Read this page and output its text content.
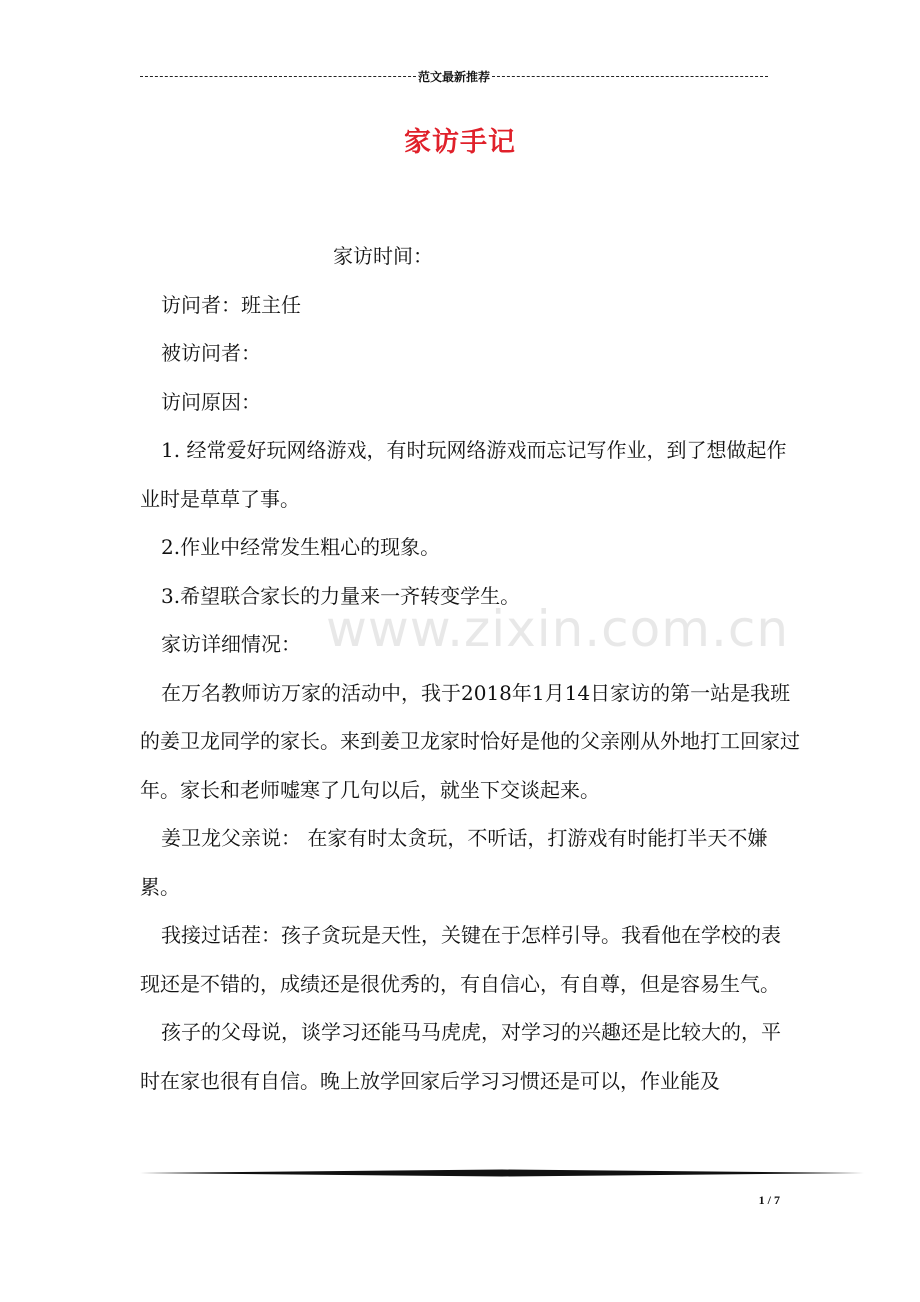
范文最新推荐
家访手记

家访时间：

访问者：班主任

被访问者：

访问原因：

1. 经常爱好玩网络游戏，有时玩网络游戏而忘记写作业，到了想做起作业时是草草了事。

2.作业中经常发生粗心的现象。

3.希望联合家长的力量来一齐转变学生。

家访详细情况：

在万名教师访万家的活动中，我于2018年1月14日家访的第一站是我班的姜卫龙同学的家长。来到姜卫龙家时恰好是他的父亲刚从外地打工回家过年。家长和老师嘘寒了几句以后，就坐下交谈起来。

姜卫龙父亲说： 在家有时太贪玩，不听话，打游戏有时能打半天不嫌累。

我接过话茬：孩子贪玩是天性，关键在于怎样引导。我看他在学校的表现还是不错的，成绩还是很优秀的，有自信心，有自尊，但是容易生气。

孩子的父母说，谈学习还能马马虎虎，对学习的兴趣还是比较大的，平时在家也很有自信。晚上放学回家后学习习惯还是可以，作业能及

www.zixin.com.cn
1 / 7
